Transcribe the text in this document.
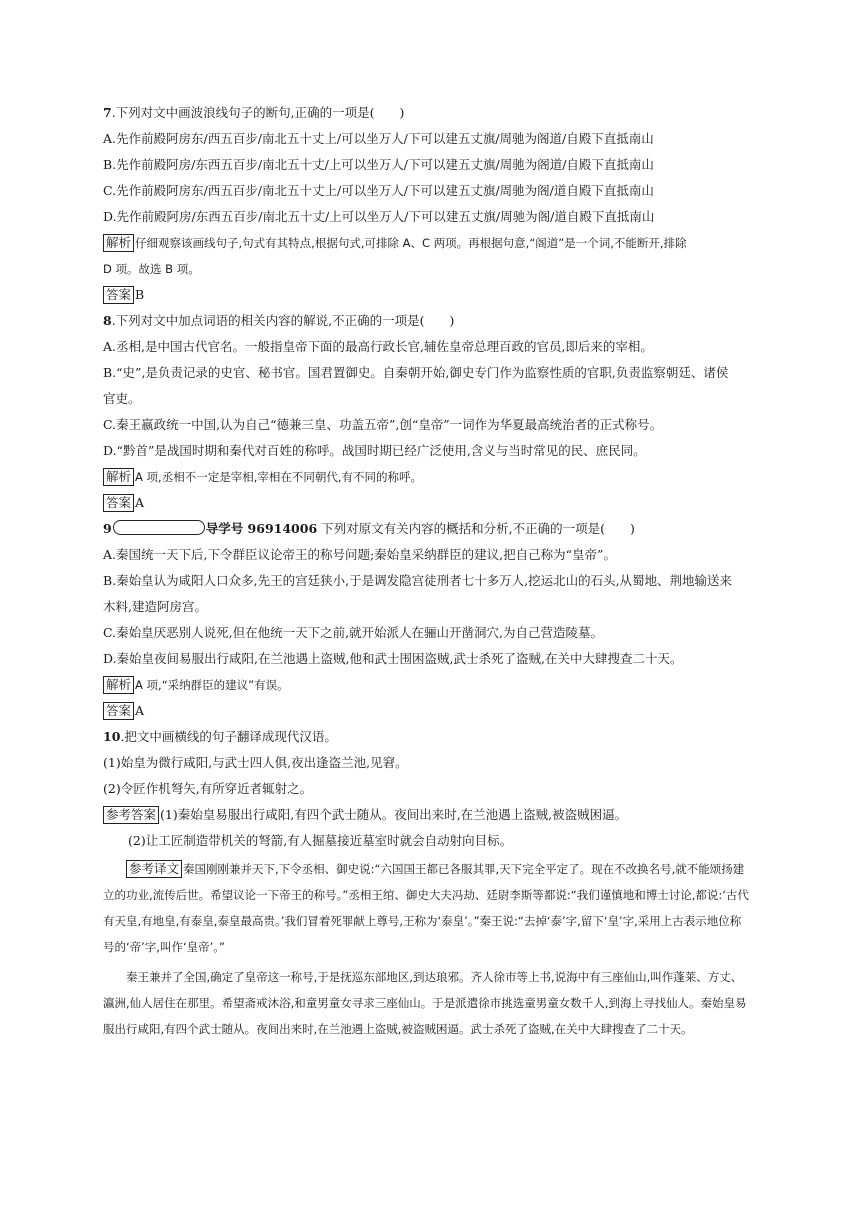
7.下列对文中画波浪线句子的断句,正确的一项是(　　)
A.先作前殿阿房东/西五百步/南北五十丈上/可以坐万人/下可以建五丈旗/周驰为阁道/自殿下直抵南山
B.先作前殿阿房/东西五百步/南北五十丈/上可以坐万人/下可以建五丈旗/周驰为阁道/自殿下直抵南山
C.先作前殿阿房东/西五百步/南北五十丈上/可以坐万人/下可以建五丈旗/周驰为阁/道自殿下直抵南山
D.先作前殿阿房/东西五百步/南北五十丈/上可以坐万人/下可以建五丈旗/周驰为阁/道自殿下直抵南山
解析 仔细观察该画线句子,句式有其特点,根据句式,可排除 A、C 两项。再根据句意,“阁道”是一个词,不能断开,排除
D 项。故选 B 项。
答案 B
8.下列对文中加点词语的相关内容的解说,不正确的一项是(　　)
A.丞相,是中国古代官名。一般指皇帝下面的最高行政长官,辅佐皇帝总理百政的官员,即后来的宰相。
B.“史”,是负责记录的史官、秘书官。国君置御史。自秦朝开始,御史专门作为监察性质的官职,负责监察朝廷、诸侯
官吏。
C.秦王嬴政统一中国,认为自己“德兼三皇、功盖五帝”,创“皇帝”一词作为华夏最高统治者的正式称号。
D.“黔首”是战国时期和秦代对百姓的称呼。战国时期已经广泛使用,含义与当时常见的民、庶民同。
解析 A 项,丞相不一定是宰相,宰相在不同朝代,有不同的称呼。
答案 A
9	导学号 96914006 下列对原文有关内容的概括和分析,不正确的一项是(　　)
A.秦国统一天下后,下令群臣议论帝王的称号问题;秦始皇采纳群臣的建议,把自己称为“皇帝”。
B.秦始皇认为咸阳人口众多,先王的宫廷狭小,于是调发隐宫徒刑者七十多万人,挖运北山的石头,从蜀地、荆地输送来
木料,建造阿房宫。
C.秦始皇厌恶别人说死,但在他统一天下之前,就开始派人在骊山开凿洞穴,为自己营造陵墓。
D.秦始皇夜间易服出行咸阳,在兰池遇上盗贼,他和武士围困盗贼,武士杀死了盗贼,在关中大肆搜查二十天。
解析 A 项,“采纳群臣的建议”有误。
答案 A
10.把文中画横线的句子翻译成现代汉语。
(1)始皇为微行咸阳,与武士四人俱,夜出逢盗兰池,见窘。
(2)令匠作机弩矢,有所穿近者辄射之。
参考答案 (1)秦始皇易服出行咸阳,有四个武士随从。夜间出来时,在兰池遇上盗贼,被盗贼困逼。
(2)让工匠制造带机关的弩箭,有人掘墓接近墓室时就会自动射向目标。
参考译文 秦国刚刚兼并天下,下令丞相、御史说:“六国国王都已各服其罪,天下完全平定了。现在不改换名号,就不能颂扬建立的功业,流传后世。希望议论一下帝王的称号。”丞相王绾、御史大夫冯劫、廷尉李斯等都说:“我们谨慎地和博士讨论,都说:‘古代有天皇,有地皇,有泰皇,泰皇最高贵。’我们冒着死罪献上尊号,王称为‘泰皇’。”秦王说:“去掉‘泰’字,留下‘皇’字,采用上古表示地位称号的‘帝’字,叫作‘皇帝’。”
秦王兼并了全国,确定了皇帝这一称号,于是抚巡东部地区,到达琅邪。齐人徐市等上书,说海中有三座仙山,叫作蓬莱、方丈、瀛洲,仙人居住在那里。希望斋戒沐浴,和童男童女寻求三座仙山。于是派遣徐市挑选童男童女数千人,到海上寻找仙人。秦始皇易服出行咸阳,有四个武士随从。夜间出来时,在兰池遇上盗贼,被盗贼困逼。武士杀死了盗贼,在关中大肆搜查了二十天。
